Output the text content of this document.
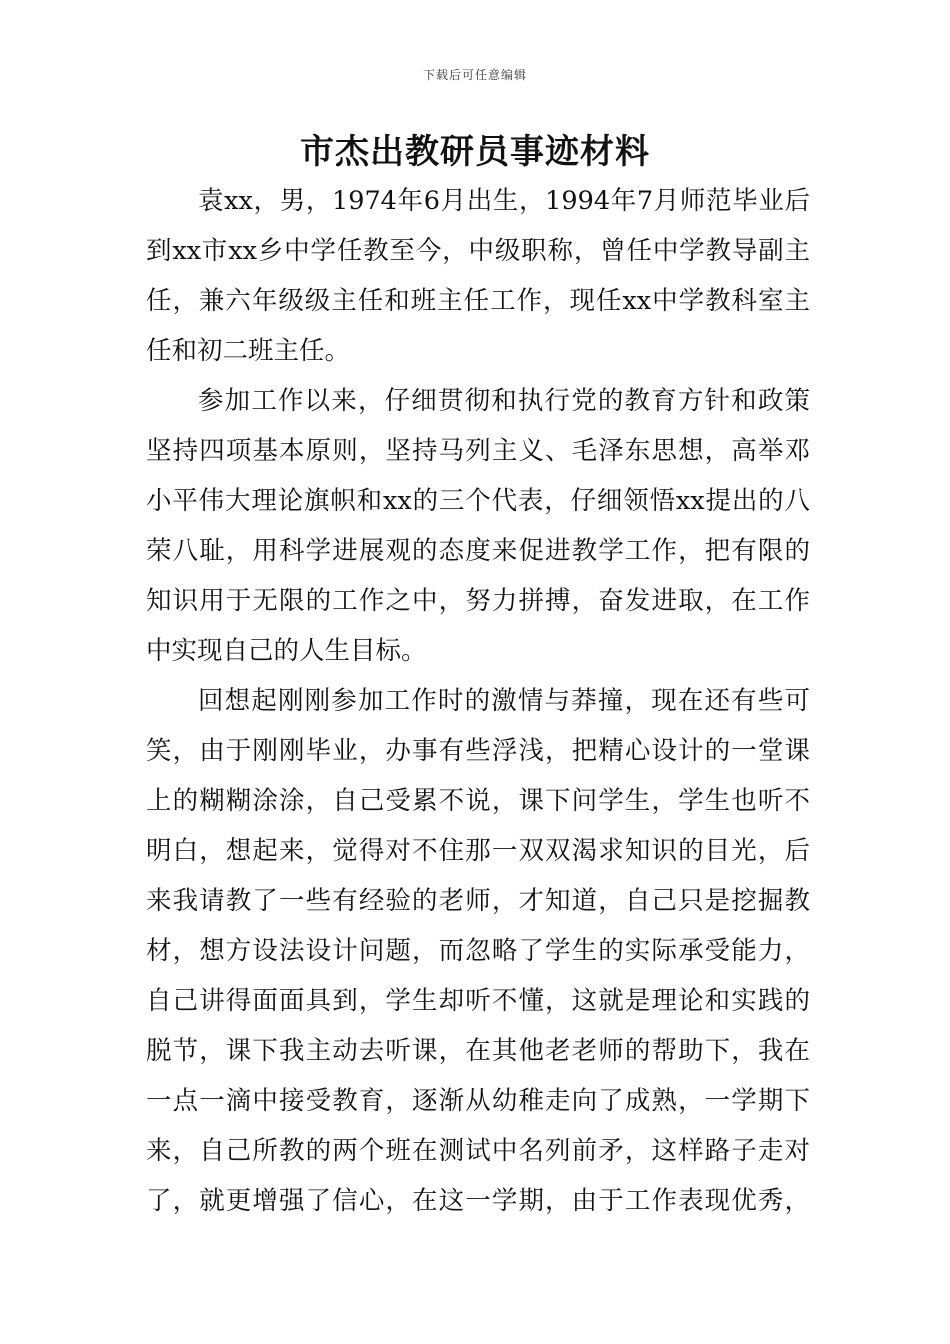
下载后可任意编辑
市杰出教研员事迹材料
袁xx，男，1974年6月出生，1994年7月师范毕业后
到xx市xx乡中学任教至今，中级职称，曾任中学教导副主
任，兼六年级级主任和班主任工作，现任xx中学教科室主
任和初二班主任。
参加工作以来，仔细贯彻和执行党的教育方针和政策
坚持四项基本原则，坚持马列主义、毛泽东思想，高举邓
小平伟大理论旗帜和xx的三个代表，仔细领悟xx提出的八
荣八耻，用科学进展观的态度来促进教学工作，把有限的
知识用于无限的工作之中，努力拼搏，奋发进取，在工作
中实现自己的人生目标。
回想起刚刚参加工作时的激情与莽撞，现在还有些可
笑，由于刚刚毕业，办事有些浮浅，把精心设计的一堂课
上的糊糊涂涂，自己受累不说，课下问学生，学生也听不
明白，想起来，觉得对不住那一双双渴求知识的目光，后
来我请教了一些有经验的老师，才知道，自己只是挖掘教
材，想方设法设计问题，而忽略了学生的实际承受能力，
自己讲得面面具到，学生却听不懂，这就是理论和实践的
脱节，课下我主动去听课，在其他老老师的帮助下，我在
一点一滴中接受教育，逐渐从幼稚走向了成熟，一学期下
来，自己所教的两个班在测试中名列前矛，这样路子走对
了，就更增强了信心，在这一学期，由于工作表现优秀，
